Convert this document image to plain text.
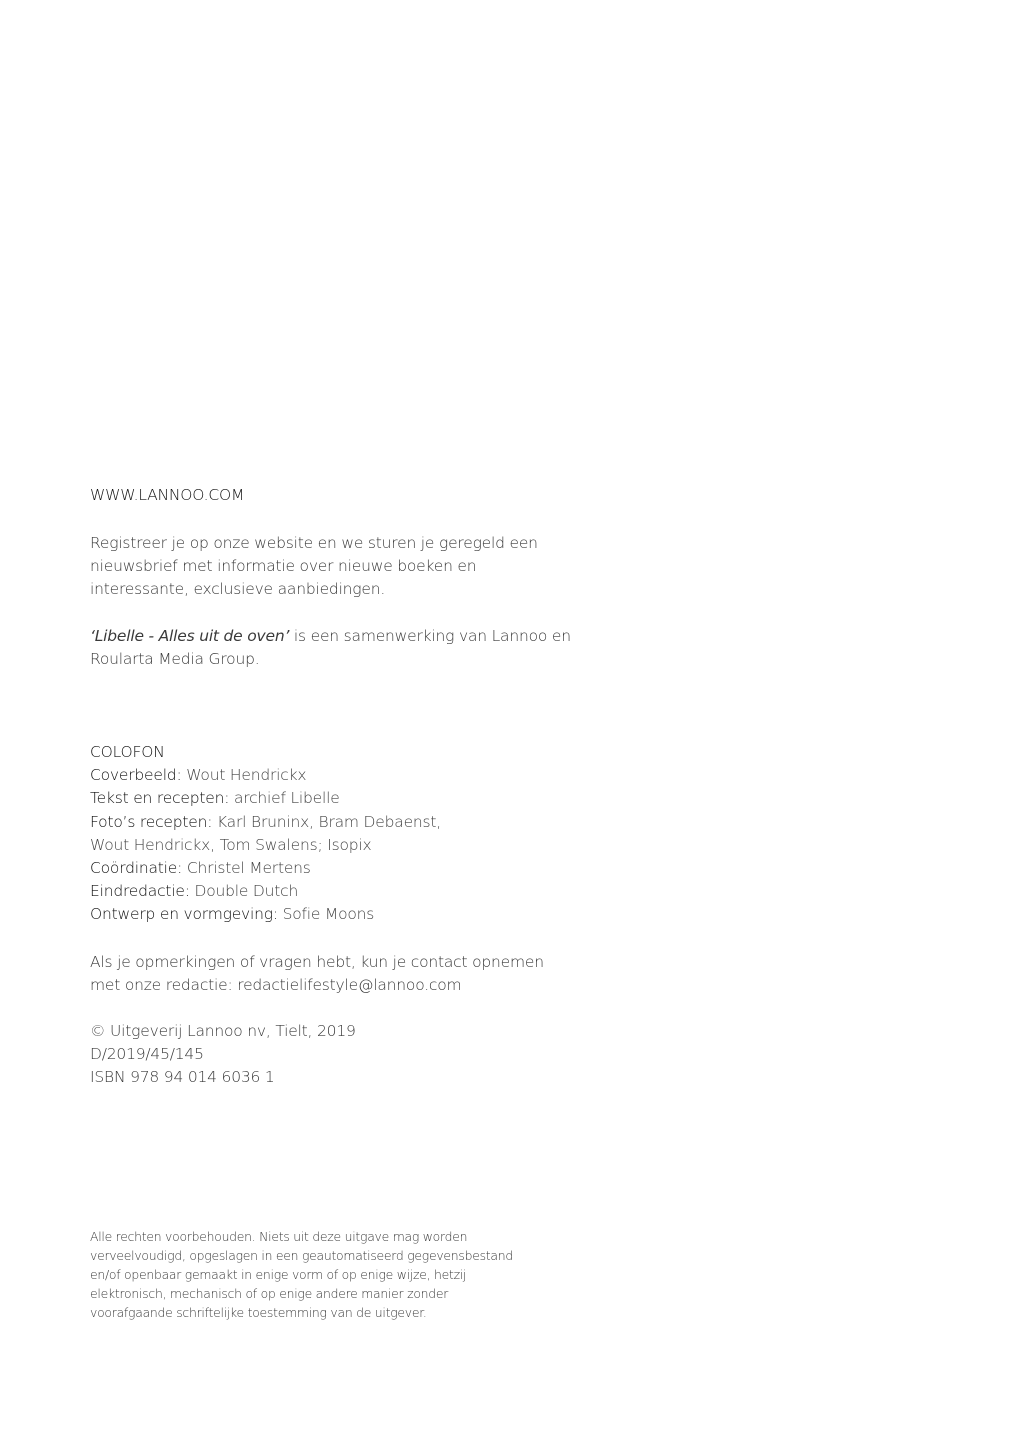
WWW.LANNOO.COM
Registreer je op onze website en we sturen je geregeld een
nieuwsbrief met informatie over nieuwe boeken en
interessante, exclusieve aanbiedingen.
‘Libelle - Alles uit de oven’ is een samenwerking van Lannoo en
Roularta Media Group.
COLOFON
Coverbeeld: Wout Hendrickx
Tekst en recepten: archief Libelle
Foto’s recepten: Karl Bruninx, Bram Debaenst,
Wout Hendrickx, Tom Swalens; Isopix
Coördinatie: Christel Mertens
Eindredactie: Double Dutch
Ontwerp en vormgeving: Sofie Moons
Als je opmerkingen of vragen hebt, kun je contact opnemen
met onze redactie: redactielifestyle@lannoo.com
© Uitgeverij Lannoo nv, Tielt, 2019
D/2019/45/145
ISBN 978 94 014 6036 1
Alle rechten voorbehouden. Niets uit deze uitgave mag worden
verveelvoudigd, opgeslagen in een geautomatiseerd gegevensbestand
en/of openbaar gemaakt in enige vorm of op enige wijze, hetzij
elektronisch, mechanisch of op enige andere manier zonder
voorafgaande schriftelijke toestemming van de uitgever.
